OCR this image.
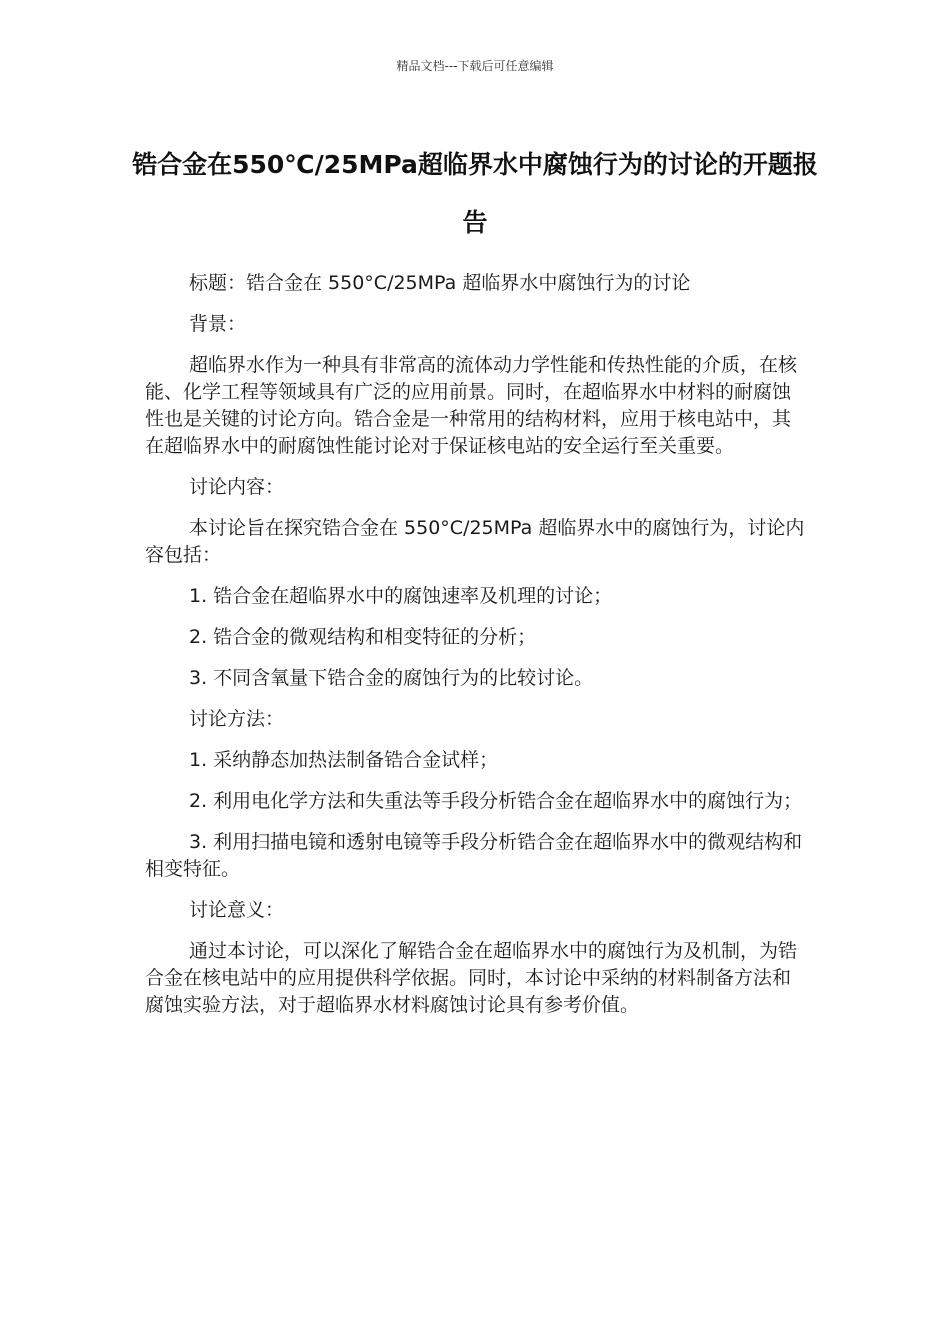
精品文档---下载后可任意编辑
锆合金在550℃/25MPa超临界水中腐蚀行为的讨论的开题报告

标题：锆合金在 550°C/25MPa 超临界水中腐蚀行为的讨论

背景：

超临界水作为一种具有非常高的流体动力学性能和传热性能的介质，在核能、化学工程等领域具有广泛的应用前景。同时，在超临界水中材料的耐腐蚀性也是关键的讨论方向。锆合金是一种常用的结构材料，应用于核电站中，其在超临界水中的耐腐蚀性能讨论对于保证核电站的安全运行至关重要。

讨论内容：

本讨论旨在探究锆合金在 550°C/25MPa 超临界水中的腐蚀行为，讨论内容包括：

1. 锆合金在超临界水中的腐蚀速率及机理的讨论；

2. 锆合金的微观结构和相变特征的分析；

3. 不同含氧量下锆合金的腐蚀行为的比较讨论。

讨论方法：

1. 采纳静态加热法制备锆合金试样；

2. 利用电化学方法和失重法等手段分析锆合金在超临界水中的腐蚀行为；

3. 利用扫描电镜和透射电镜等手段分析锆合金在超临界水中的微观结构和相变特征。

讨论意义：

通过本讨论，可以深化了解锆合金在超临界水中的腐蚀行为及机制，为锆合金在核电站中的应用提供科学依据。同时，本讨论中采纳的材料制备方法和腐蚀实验方法，对于超临界水材料腐蚀讨论具有参考价值。
